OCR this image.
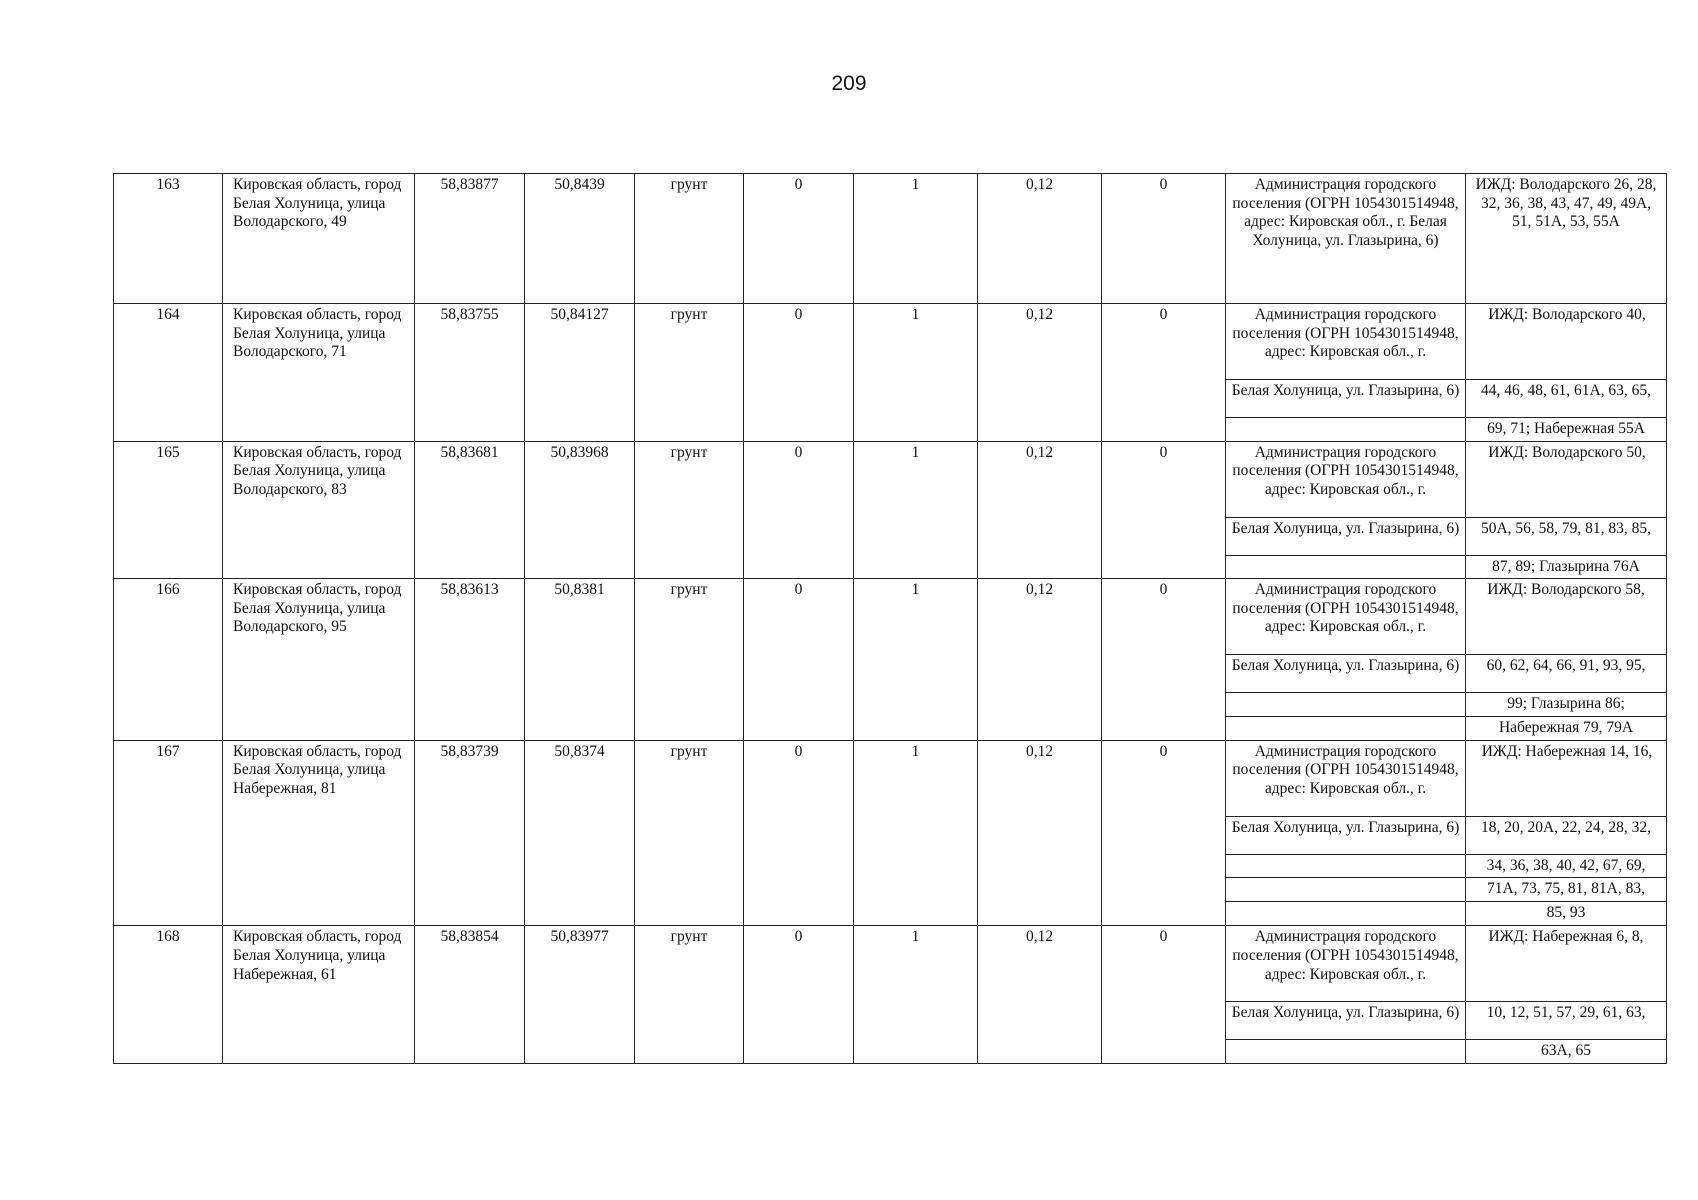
209
163	Кировская область, город Белая Холуница, улица Володарского, 49	58,83877	50,8439	грунт	0	1	0,12	0	Администрация городского поселения (ОГРН 1054301514948, адрес: Кировская обл., г. Белая Холуница, ул. Глазырина, 6)	ИЖД: Володарского 26, 28, 32, 36, 38, 43, 47, 49, 49А, 51, 51А, 53, 55А
164	Кировская область, город Белая Холуница, улица Володарского, 71	58,83755	50,84127	грунт	0	1	0,12	0	Администрация городского поселения (ОГРН 1054301514948, адрес: Кировская обл., г.	ИЖД: Володарского 40,
									Белая Холуница, ул. Глазырина, 6)	44, 46, 48, 61, 61А, 63, 65,
										69, 71; Набережная 55А
165	Кировская область, город Белая Холуница, улица Володарского, 83	58,83681	50,83968	грунт	0	1	0,12	0	Администрация городского поселения (ОГРН 1054301514948, адрес: Кировская обл., г.	ИЖД: Володарского 50,
									Белая Холуница, ул. Глазырина, 6)	50А, 56, 58, 79, 81, 83, 85,
										87, 89; Глазырина 76А
166	Кировская область, город Белая Холуница, улица Володарского, 95	58,83613	50,8381	грунт	0	1	0,12	0	Администрация городского поселения (ОГРН 1054301514948, адрес: Кировская обл., г.	ИЖД: Володарского 58,
									Белая Холуница, ул. Глазырина, 6)	60, 62, 64, 66, 91, 93, 95,
										99; Глазырина 86;
										Набережная 79, 79А
167	Кировская область, город Белая Холуница, улица Набережная, 81	58,83739	50,8374	грунт	0	1	0,12	0	Администрация городского поселения (ОГРН 1054301514948, адрес: Кировская обл., г.	ИЖД: Набережная 14, 16,
									Белая Холуница, ул. Глазырина, 6)	18, 20, 20А, 22, 24, 28, 32,
										34, 36, 38, 40, 42, 67, 69,
										71А, 73, 75, 81, 81А, 83,
										85, 93
168	Кировская область, город Белая Холуница, улица Набережная, 61	58,83854	50,83977	грунт	0	1	0,12	0	Администрация городского поселения (ОГРН 1054301514948, адрес: Кировская обл., г.	ИЖД: Набережная 6, 8,
									Белая Холуница, ул. Глазырина, 6)	10, 12, 51, 57, 29, 61, 63,
										63А, 65
